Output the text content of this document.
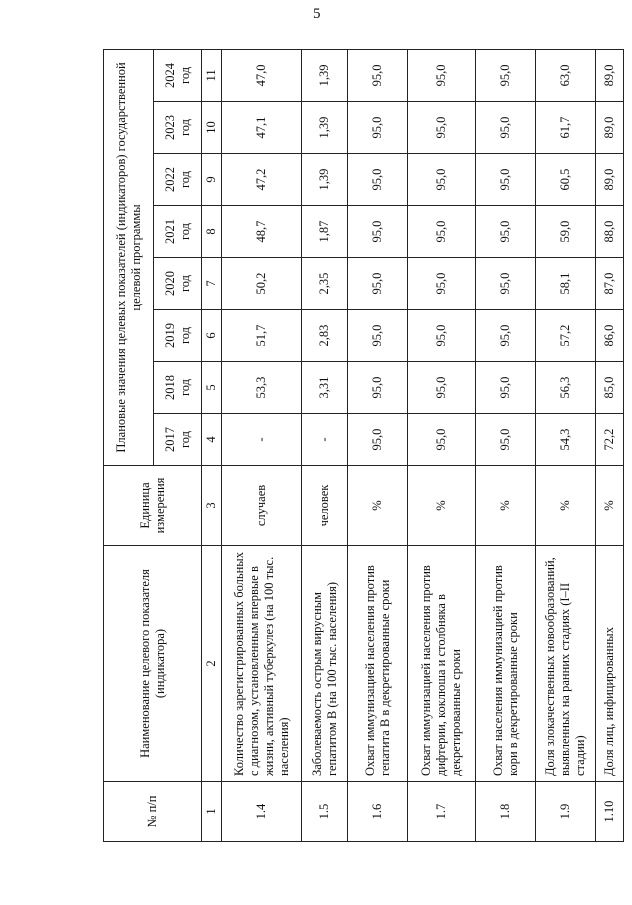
5
№ п/п	Наименование целевого показателя (индикатора)	Единица измерения	Плановые значения целевых показателей (индикаторов) государственной целевой программы							

			2017 год	2018 год	2019 год	2020 год	2021 год	2022 год	2023 год	2024 год

1	2	3	4	5	6	7	8	9	10	11
1.4	Количество зарегистрированных больных с диагнозом, установленным впервые в жизни, активный туберкулез (на 100 тыс. населения)	случаев	-	53,3	51,7	50,2	48,7	47,2	47,1	47,0
1.5	Заболеваемость острым вирусным гепатитом В (на 100 тыс. населения)	человек	-	3,31	2,83	2,35	1,87	1,39	1,39	1,39
1.6	Охват иммунизацией населения против гепатита В в декретированные сроки	%	95,0	95,0	95,0	95,0	95,0	95,0	95,0	95,0
1.7	Охват иммунизацией населения против дифтерии, коклюша и столбняка в декретированные сроки	%	95,0	95,0	95,0	95,0	95,0	95,0	95,0	95,0
1.8	Охват населения иммунизацией против кори в декретированные сроки	%	95,0	95,0	95,0	95,0	95,0	95,0	95,0	95,0
1.9	Доля злокачественных новообразований, выявленных на ранних стадиях (I–II стадии)	%	54,3	56,3	57,2	58,1	59,0	60,5	61,7	63,0
1.10	Доля лиц, инфицированных	%	72,2	85,0	86,0	87,0	88,0	89,0	89,0	89,0
